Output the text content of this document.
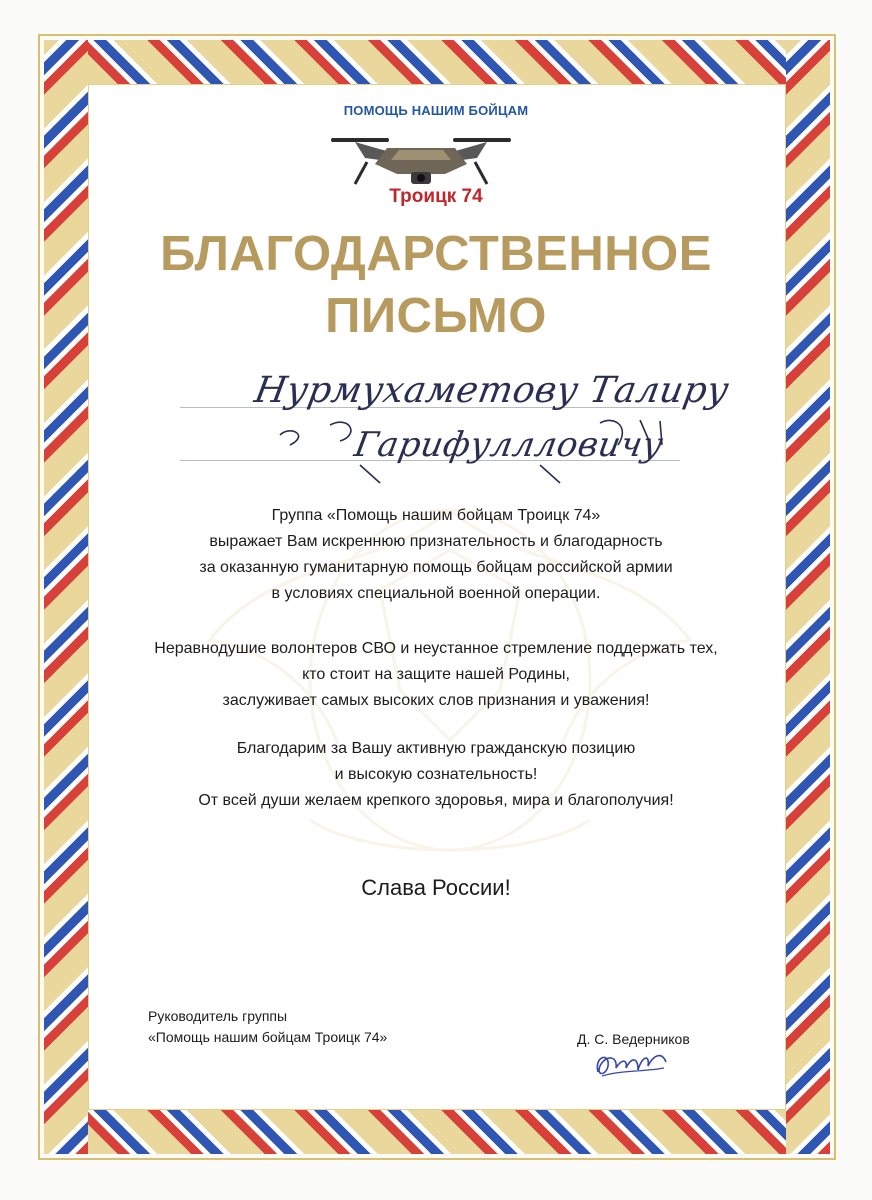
ПОМОЩЬ НАШИМ БОЙЦАМ
Троицк 74
БЛАГОДАРСТВЕННОЕ
ПИСЬМО
Нурмухаметову Талиру
Гарифуллловичу
Группа «Помощь нашим бойцам Троицк 74»
выражает Вам искреннюю признательность и благодарность
за оказанную гуманитарную помощь бойцам российской армии
в условиях специальной военной операции.
Неравнодушие волонтеров СВО и неустанное стремление поддержать тех,
кто стоит на защите нашей Родины,
заслуживает самых высоких слов признания и уважения!
Благодарим за Вашу активную гражданскую позицию
и высокую сознательность!
От всей души желаем крепкого здоровья, мира и благополучия!
Слава России!
Руководитель группы
«Помощь нашим бойцам Троицк 74»	Д. С. Ведерников
